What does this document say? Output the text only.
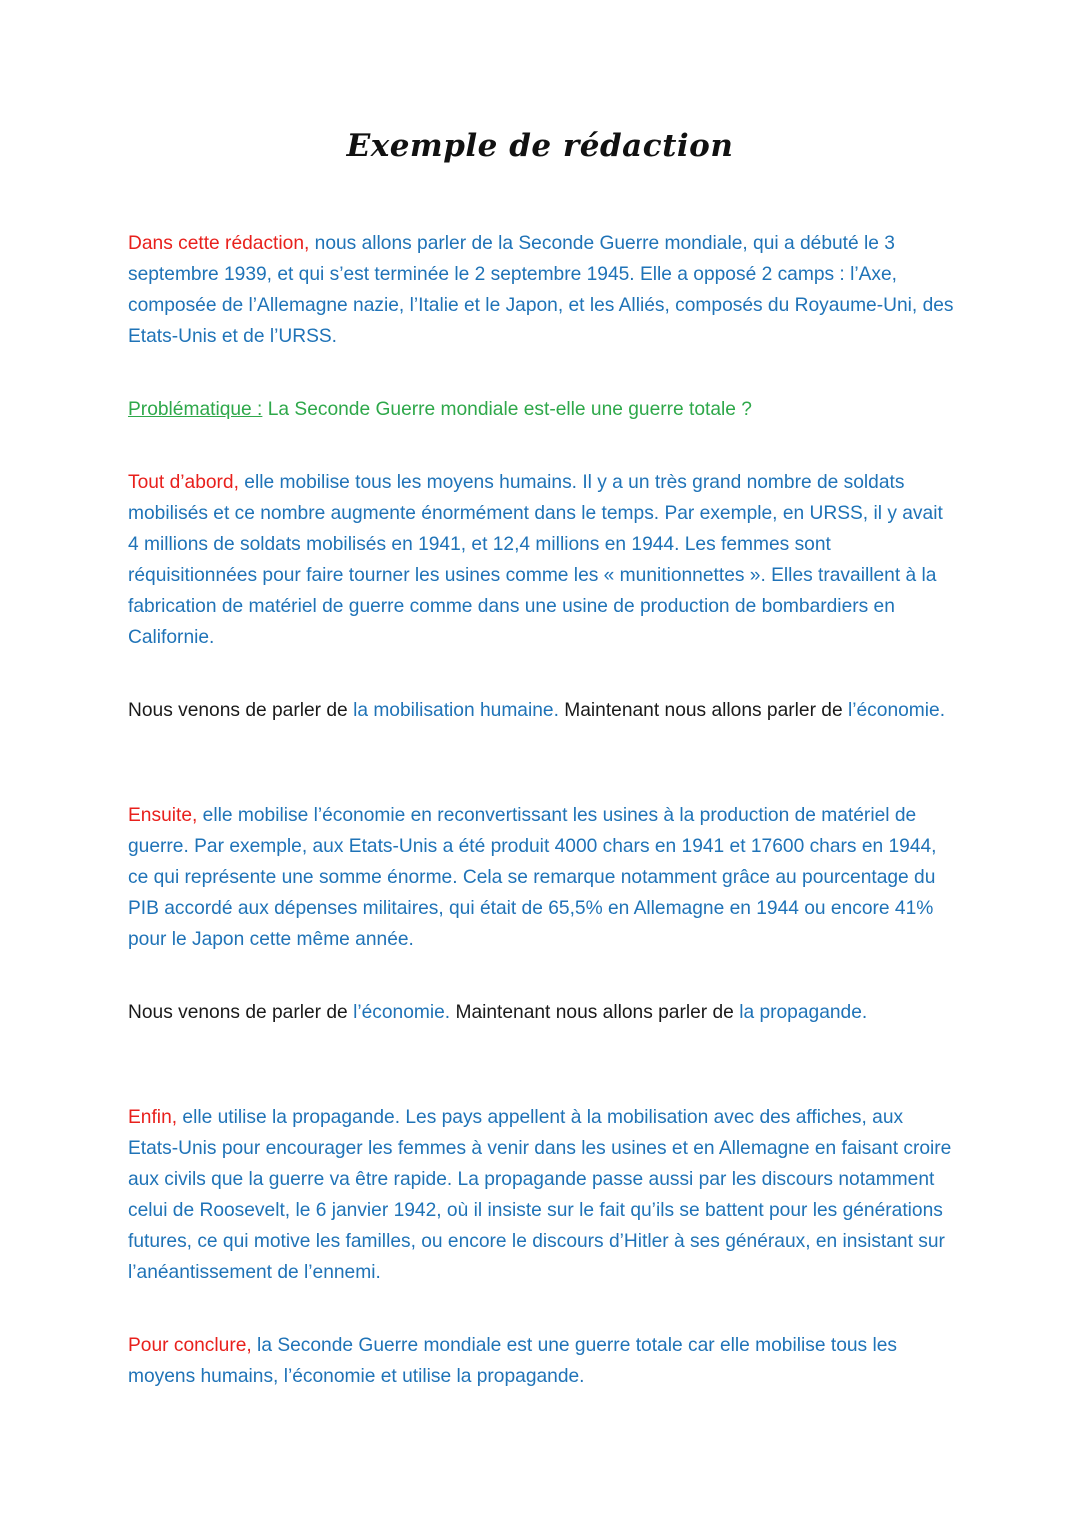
Exemple de rédaction

Dans cette rédaction, nous allons parler de la Seconde Guerre mondiale, qui a débuté le 3 septembre 1939, et qui s’est terminée le 2 septembre 1945. Elle a opposé 2 camps : l’Axe, composée de l’Allemagne nazie, l’Italie et le Japon, et les Alliés, composés du Royaume-Uni, des Etats-Unis et de l’URSS.

Problématique : La Seconde Guerre mondiale est-elle une guerre totale ?

Tout d’abord, elle mobilise tous les moyens humains. Il y a un très grand nombre de soldats mobilisés et ce nombre augmente énormément dans le temps. Par exemple, en URSS, il y avait 4 millions de soldats mobilisés en 1941, et 12,4 millions en 1944. Les femmes sont réquisitionnées pour faire tourner les usines comme les « munitionnettes ». Elles travaillent à la fabrication de matériel de guerre comme dans une usine de production de bombardiers en Californie.

Nous venons de parler de la mobilisation humaine. Maintenant nous allons parler de l’économie.

Ensuite, elle mobilise l’économie en reconvertissant les usines à la production de matériel de guerre. Par exemple, aux Etats-Unis a été produit 4000 chars en 1941 et 17600 chars en 1944, ce qui représente une somme énorme. Cela se remarque notamment grâce au pourcentage du PIB accordé aux dépenses militaires, qui était de 65,5% en Allemagne en 1944 ou encore 41% pour le Japon cette même année.

Nous venons de parler de l’économie. Maintenant nous allons parler de la propagande.

Enfin, elle utilise la propagande. Les pays appellent à la mobilisation avec des affiches, aux Etats-Unis pour encourager les femmes à venir dans les usines et en Allemagne en faisant croire aux civils que la guerre va être rapide. La propagande passe aussi par les discours notamment celui de Roosevelt, le 6 janvier 1942, où il insiste sur le fait qu’ils se battent pour les générations futures, ce qui motive les familles, ou encore le discours d’Hitler à ses généraux, en insistant sur l’anéantissement de l’ennemi.

Pour conclure, la Seconde Guerre mondiale est une guerre totale car elle mobilise tous les moyens humains, l’économie et utilise la propagande.
